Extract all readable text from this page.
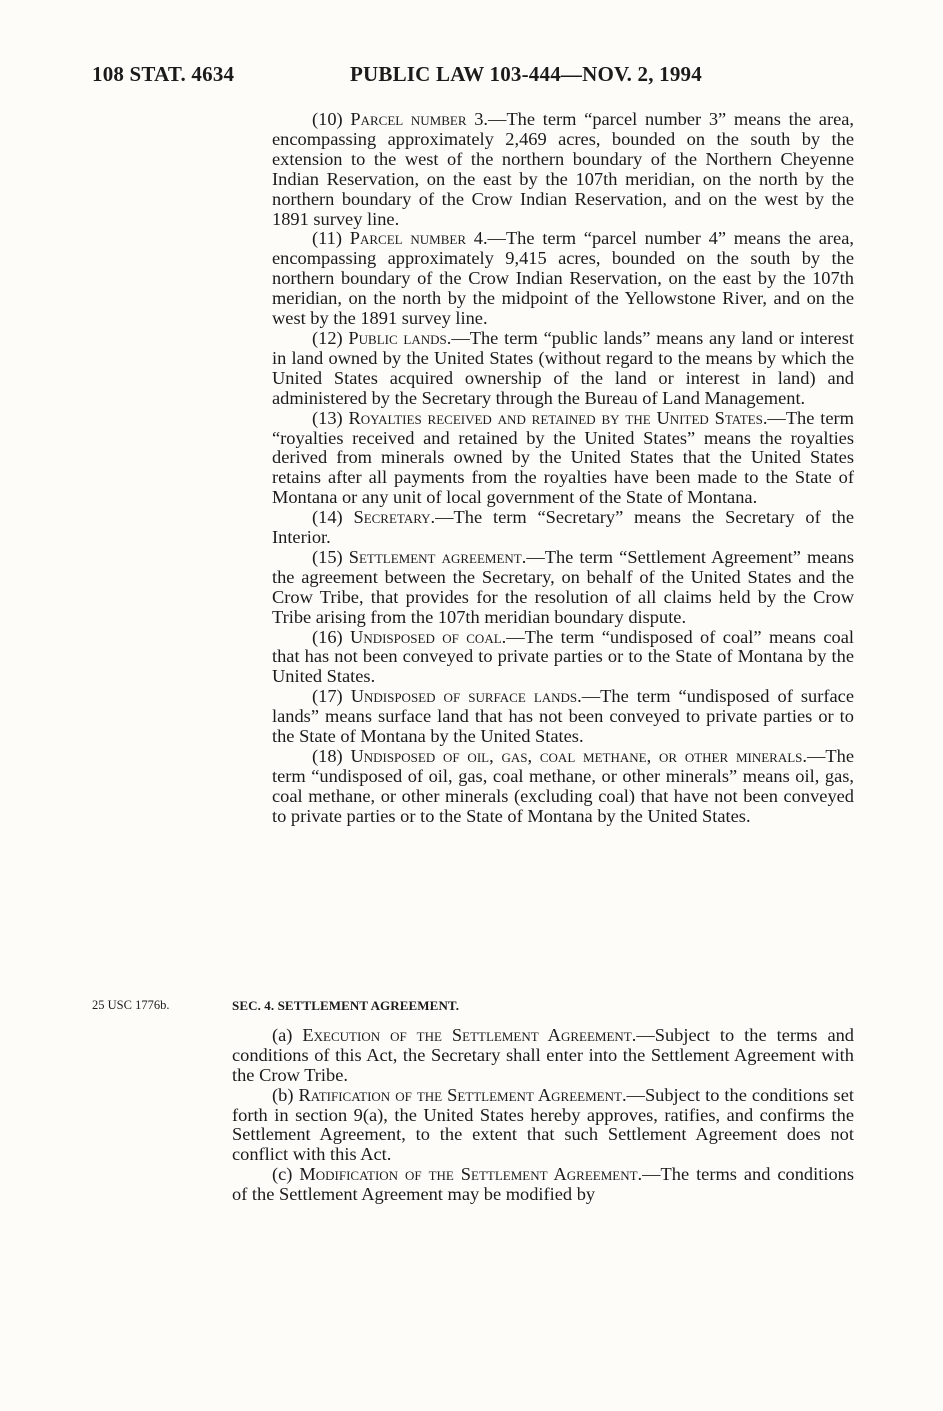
108 STAT. 4634	PUBLIC LAW 103-444—NOV. 2, 1994

(10) Parcel number 3.—The term “parcel number 3” means the area, encompassing approximately 2,469 acres, bounded on the south by the extension to the west of the northern boundary of the Northern Cheyenne Indian Reservation, on the east by the 107th meridian, on the north by the northern boundary of the Crow Indian Reservation, and on the west by the 1891 survey line.

(11) Parcel number 4.—The term “parcel number 4” means the area, encompassing approximately 9,415 acres, bounded on the south by the northern boundary of the Crow Indian Reservation, on the east by the 107th meridian, on the north by the midpoint of the Yellowstone River, and on the west by the 1891 survey line.

(12) Public lands.—The term “public lands” means any land or interest in land owned by the United States (without regard to the means by which the United States acquired ownership of the land or interest in land) and administered by the Secretary through the Bureau of Land Management.

(13) Royalties received and retained by the United States.—The term “royalties received and retained by the United States” means the royalties derived from minerals owned by the United States that the United States retains after all payments from the royalties have been made to the State of Montana or any unit of local government of the State of Montana.

(14) Secretary.—The term “Secretary” means the Secretary of the Interior.

(15) Settlement agreement.—The term “Settlement Agreement” means the agreement between the Secretary, on behalf of the United States and the Crow Tribe, that provides for the resolution of all claims held by the Crow Tribe arising from the 107th meridian boundary dispute.

(16) Undisposed of coal.—The term “undisposed of coal” means coal that has not been conveyed to private parties or to the State of Montana by the United States.

(17) Undisposed of surface lands.—The term “undisposed of surface lands” means surface land that has not been conveyed to private parties or to the State of Montana by the United States.

(18) Undisposed of oil, gas, coal methane, or other minerals.—The term “undisposed of oil, gas, coal methane, or other minerals” means oil, gas, coal methane, or other minerals (excluding coal) that have not been conveyed to private parties or to the State of Montana by the United States.

25 USC 1776b.	SEC. 4. SETTLEMENT AGREEMENT.

(a) Execution of the Settlement Agreement.—Subject to the terms and conditions of this Act, the Secretary shall enter into the Settlement Agreement with the Crow Tribe.

(b) Ratification of the Settlement Agreement.—Subject to the conditions set forth in section 9(a), the United States hereby approves, ratifies, and confirms the Settlement Agreement, to the extent that such Settlement Agreement does not conflict with this Act.

(c) Modification of the Settlement Agreement.—The terms and conditions of the Settlement Agreement may be modified by
